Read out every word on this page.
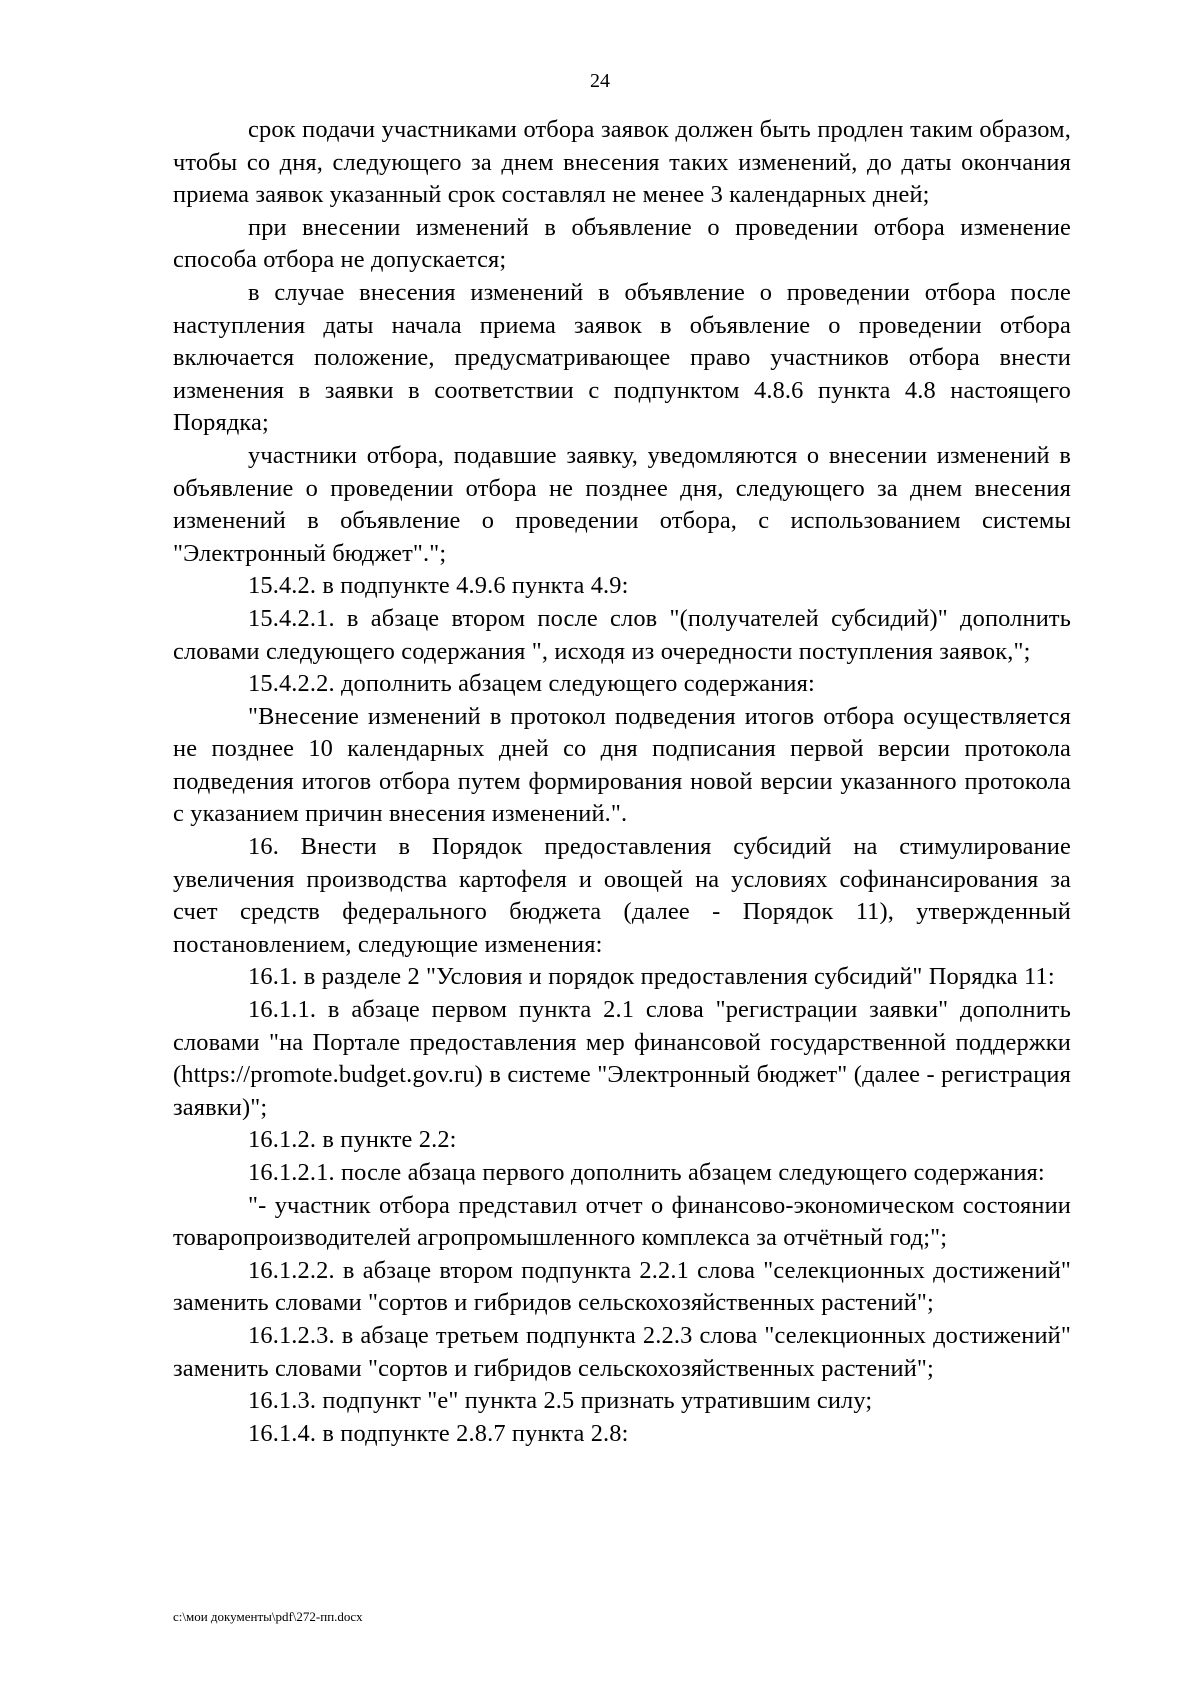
24

срок подачи участниками отбора заявок должен быть продлен таким образом, чтобы со дня, следующего за днем внесения таких изменений, до даты окончания приема заявок указанный срок составлял не менее 3 календарных дней;

при внесении изменений в объявление о проведении отбора изменение способа отбора не допускается;

в случае внесения изменений в объявление о проведении отбора после наступления даты начала приема заявок в объявление о проведении отбора включается положение, предусматривающее право участников отбора внести изменения в заявки в соответствии с подпунктом 4.8.6 пункта 4.8 настоящего Порядка;

участники отбора, подавшие заявку, уведомляются о внесении изменений в объявление о проведении отбора не позднее дня, следующего за днем внесения изменений в объявление о проведении отбора, с использованием системы "Электронный бюджет".";

15.4.2. в подпункте 4.9.6 пункта 4.9:

15.4.2.1. в абзаце втором после слов "(получателей субсидий)" дополнить словами следующего содержания ", исходя из очередности поступления заявок,";

15.4.2.2. дополнить абзацем следующего содержания:

"Внесение изменений в протокол подведения итогов отбора осуществляется не позднее 10 календарных дней со дня подписания первой версии протокола подведения итогов отбора путем формирования новой версии указанного протокола с указанием причин внесения изменений.".

16. Внести в Порядок предоставления субсидий на стимулирование увеличения производства картофеля и овощей на условиях софинансирования за счет средств федерального бюджета (далее - Порядок 11), утвержденный постановлением, следующие изменения:

16.1. в разделе 2 "Условия и порядок предоставления субсидий" Порядка 11:

16.1.1. в абзаце первом пункта 2.1 слова "регистрации заявки" дополнить словами "на Портале предоставления мер финансовой государственной поддержки (https://promote.budget.gov.ru) в системе "Электронный бюджет" (далее - регистрация заявки)";

16.1.2. в пункте 2.2:

16.1.2.1. после абзаца первого дополнить абзацем следующего содержания:

"- участник отбора представил отчет о финансово-экономическом состоянии товаропроизводителей агропромышленного комплекса за отчётный год;";

16.1.2.2. в абзаце втором подпункта 2.2.1 слова "селекционных достижений" заменить словами "сортов и гибридов сельскохозяйственных растений";

16.1.2.3. в абзаце третьем подпункта 2.2.3 слова "селекционных достижений" заменить словами "сортов и гибридов сельскохозяйственных растений";

16.1.3. подпункт "е" пункта 2.5 признать утратившим силу;

16.1.4. в подпункте 2.8.7 пункта 2.8:

c:\мои документы\pdf\272-пп.docx
